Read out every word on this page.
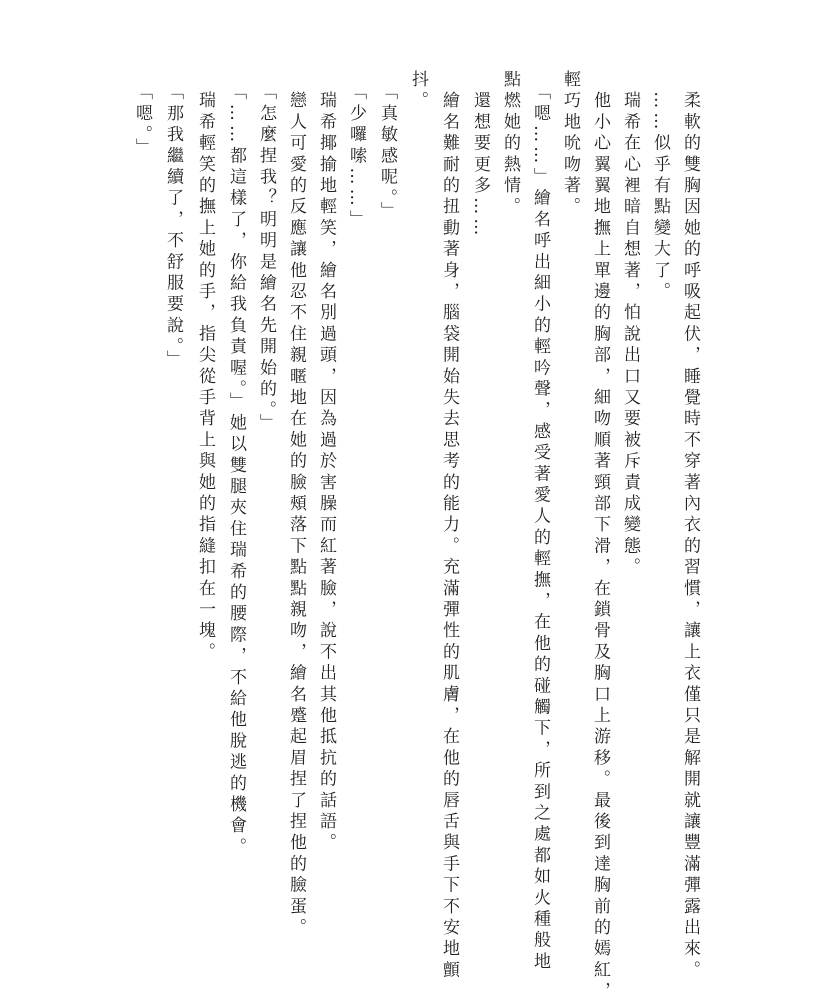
　柔軟的雙胸因她的呼吸起伏，睡覺時不穿著內衣的習慣，讓上衣僅只是解開就讓豐滿彈露出來。
　……似乎有點變大了。
　瑞希在心裡暗自想著，怕說出口又要被斥責成變態。
　他小心翼翼地撫上單邊的胸部，細吻順著頸部下滑，在鎖骨及胸口上游移。最後到達胸前的嫣紅，
輕巧地吮吻著。
　「嗯……」繪名呼出細小的輕吟聲，感受著愛人的輕撫，在他的碰觸下，所到之處都如火種般地
點燃她的熱情。
　還想要更多……
　繪名難耐的扭動著身，腦袋開始失去思考的能力。充滿彈性的肌膚，在他的唇舌與手下不安地顫
抖。
　「真敏感呢。」
　「少囉嗦……」
　瑞希揶揄地輕笑，繪名別過頭，因為過於害臊而紅著臉，說不出其他抵抗的話語。
　戀人可愛的反應讓他忍不住親暱地在她的臉頰落下點點親吻，繪名蹙起眉捏了捏他的臉蛋。
　「怎麼捏我？明明是繪名先開始的。」
　「……都這樣了，你給我負責喔。」她以雙腿夾住瑞希的腰際，不給他脫逃的機會。
　瑞希輕笑的撫上她的手，指尖從手背上與她的指縫扣在一塊。
　「那我繼續了，不舒服要說。」
　「嗯。」
